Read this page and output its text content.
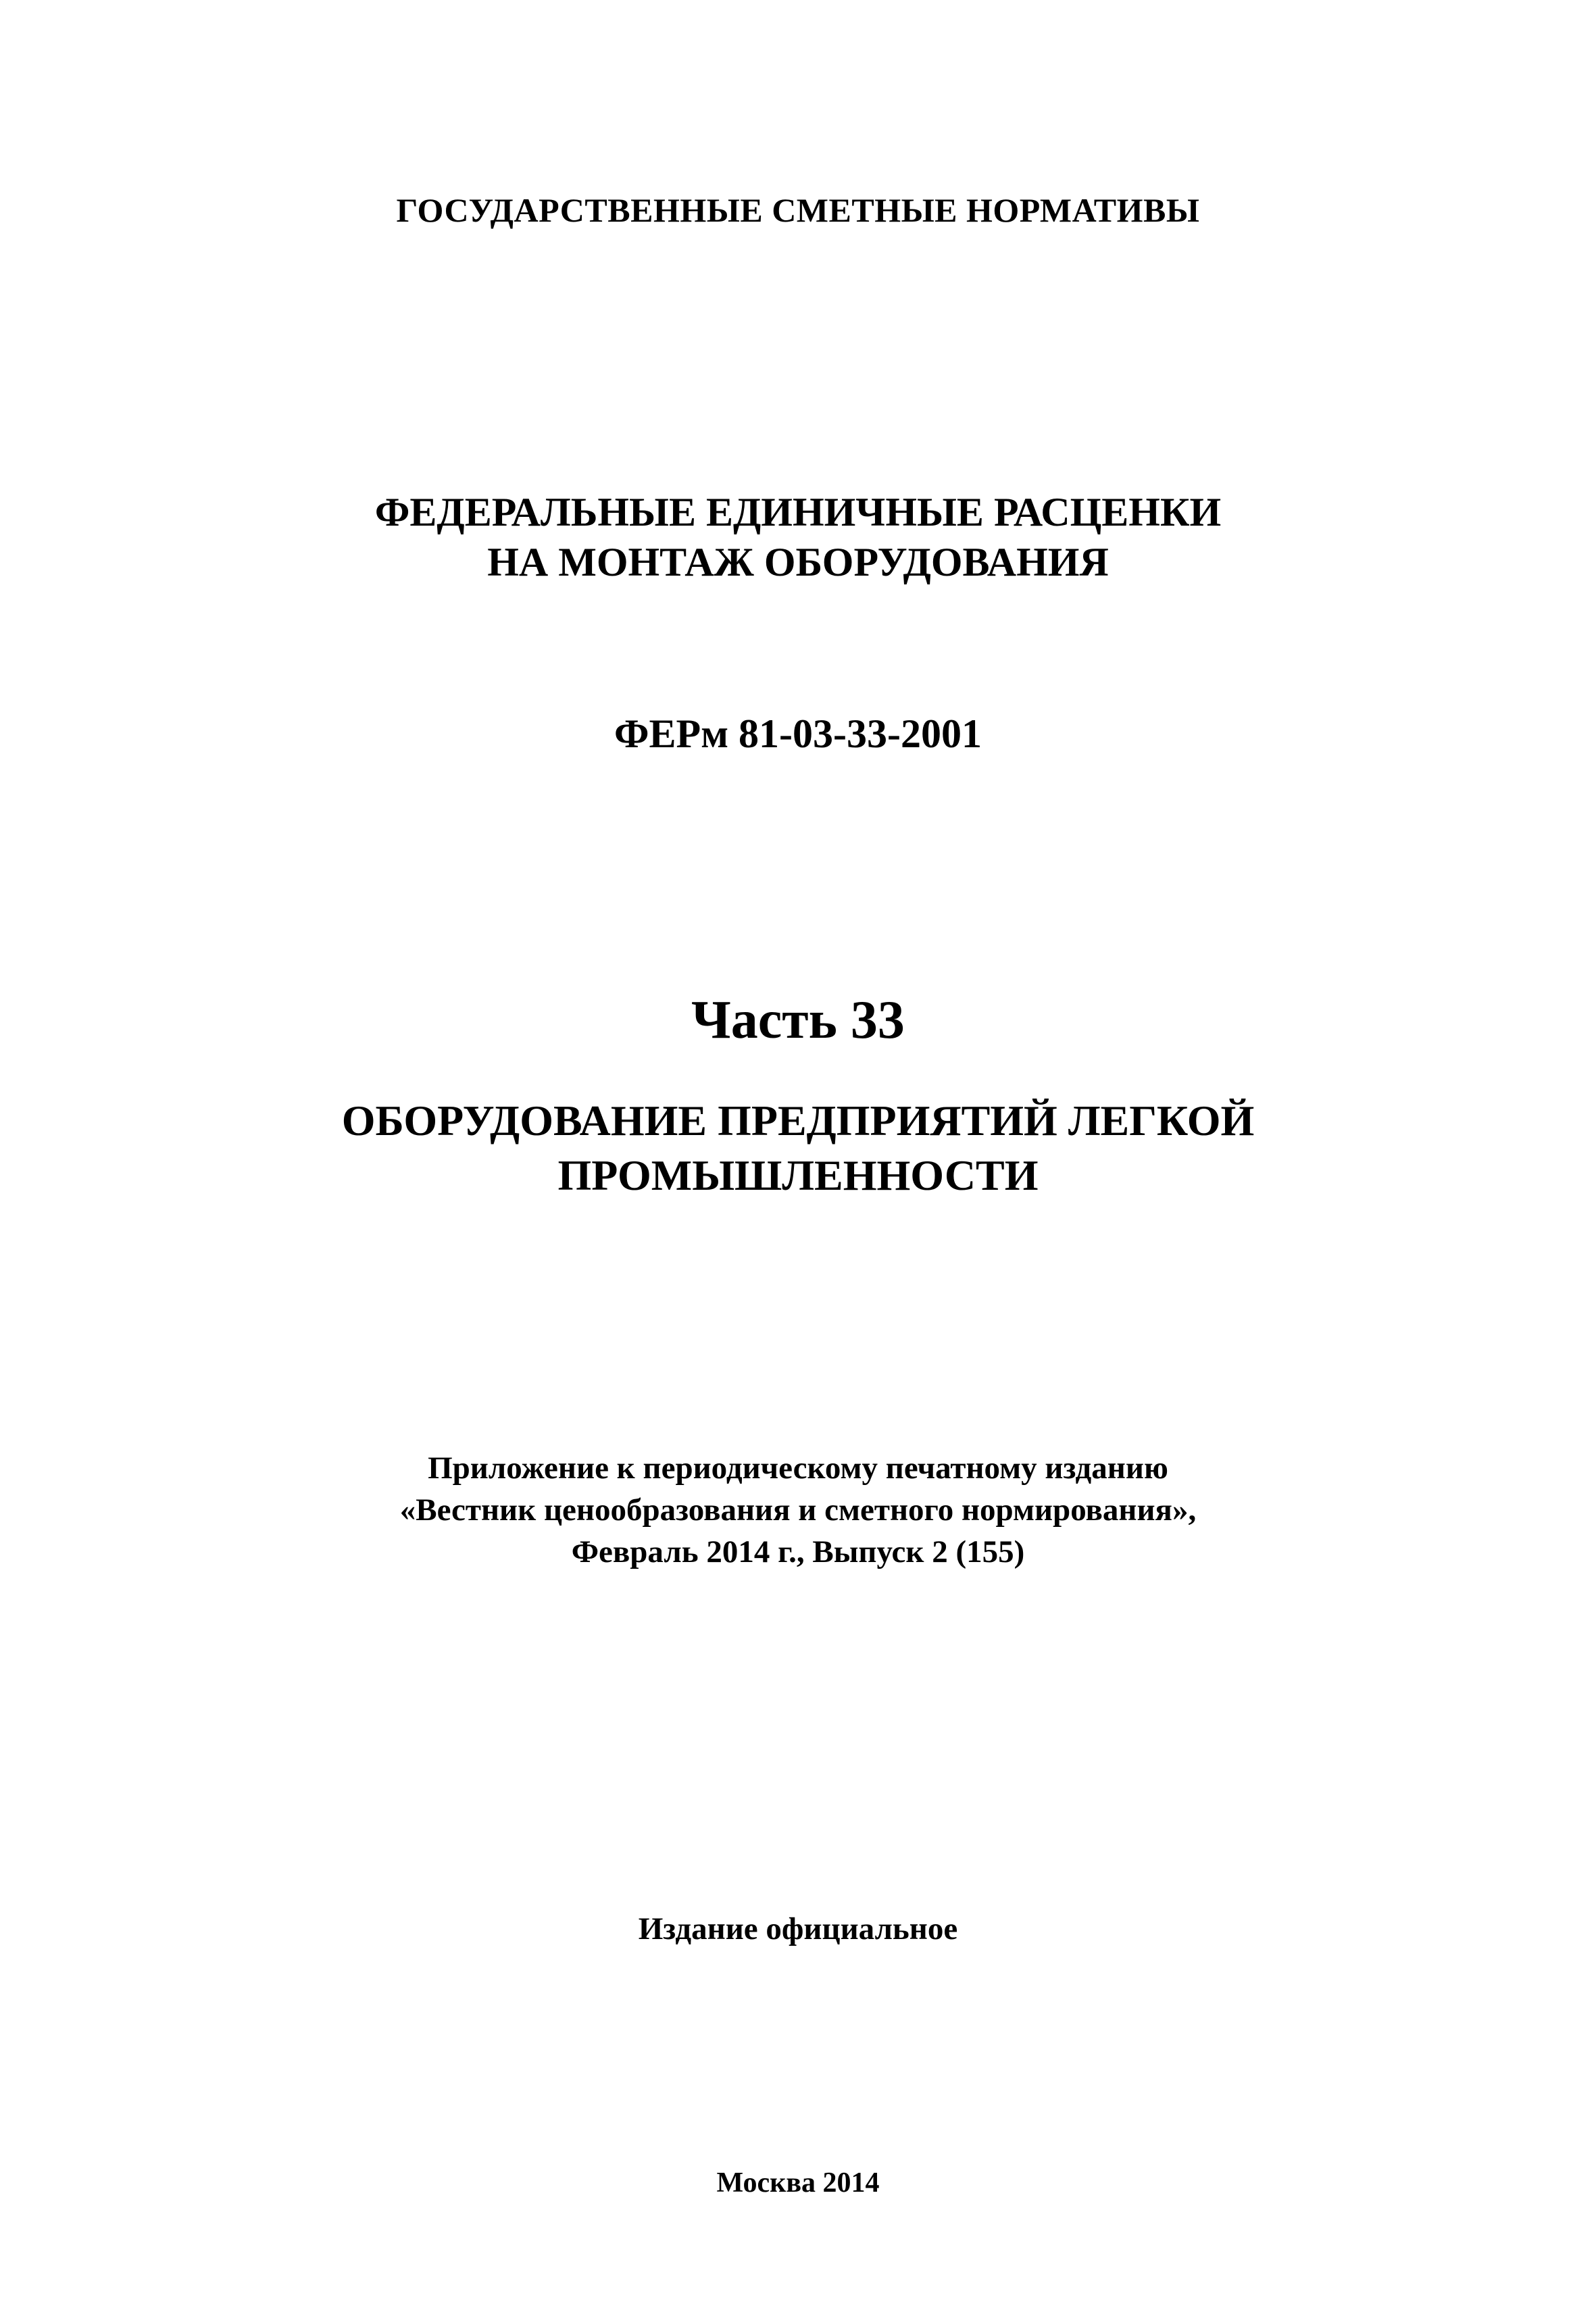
ГОСУДАРСТВЕННЫЕ СМЕТНЫЕ НОРМАТИВЫ
ФЕДЕРАЛЬНЫЕ ЕДИНИЧНЫЕ РАСЦЕНКИ
НА МОНТАЖ ОБОРУДОВАНИЯ
ФЕРм 81-03-33-2001
Часть 33
ОБОРУДОВАНИЕ ПРЕДПРИЯТИЙ ЛЕГКОЙ
ПРОМЫШЛЕННОСТИ
Приложение к периодическому печатному изданию
«Вестник ценообразования и сметного нормирования»,
Февраль 2014 г., Выпуск 2 (155)
Издание официальное
Москва 2014
